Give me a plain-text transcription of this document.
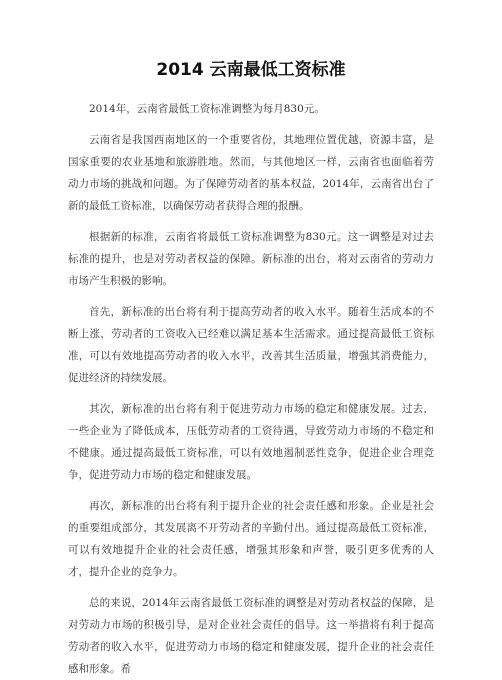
2014 云南最低工资标准

2014年，云南省最低工资标准调整为每月830元。

云南省是我国西南地区的一个重要省份，其地理位置优越，资源丰富，是国家重要的农业基地和旅游胜地。然而，与其他地区一样，云南省也面临着劳动力市场的挑战和问题。为了保障劳动者的基本权益，2014年，云南省出台了新的最低工资标准，以确保劳动者获得合理的报酬。

根据新的标准，云南省将最低工资标准调整为830元。这一调整是对过去标准的提升，也是对劳动者权益的保障。新标准的出台，将对云南省的劳动力市场产生积极的影响。

首先，新标准的出台将有利于提高劳动者的收入水平。随着生活成本的不断上涨，劳动者的工资收入已经难以满足基本生活需求。通过提高最低工资标准，可以有效地提高劳动者的收入水平，改善其生活质量，增强其消费能力，促进经济的持续发展。

其次，新标准的出台将有利于促进劳动力市场的稳定和健康发展。过去，一些企业为了降低成本，压低劳动者的工资待遇，导致劳动力市场的不稳定和不健康。通过提高最低工资标准，可以有效地遏制恶性竞争，促进企业合理竞争，促进劳动力市场的稳定和健康发展。

再次，新标准的出台将有利于提升企业的社会责任感和形象。企业是社会的重要组成部分，其发展离不开劳动者的辛勤付出。通过提高最低工资标准，可以有效地提升企业的社会责任感，增强其形象和声誉，吸引更多优秀的人才，提升企业的竞争力。

总的来说，2014年云南省最低工资标准的调整是对劳动者权益的保障，是对劳动力市场的积极引导，是对企业社会责任的倡导。这一举措将有利于提高劳动者的收入水平，促进劳动力市场的稳定和健康发展，提升企业的社会责任感和形象。希
